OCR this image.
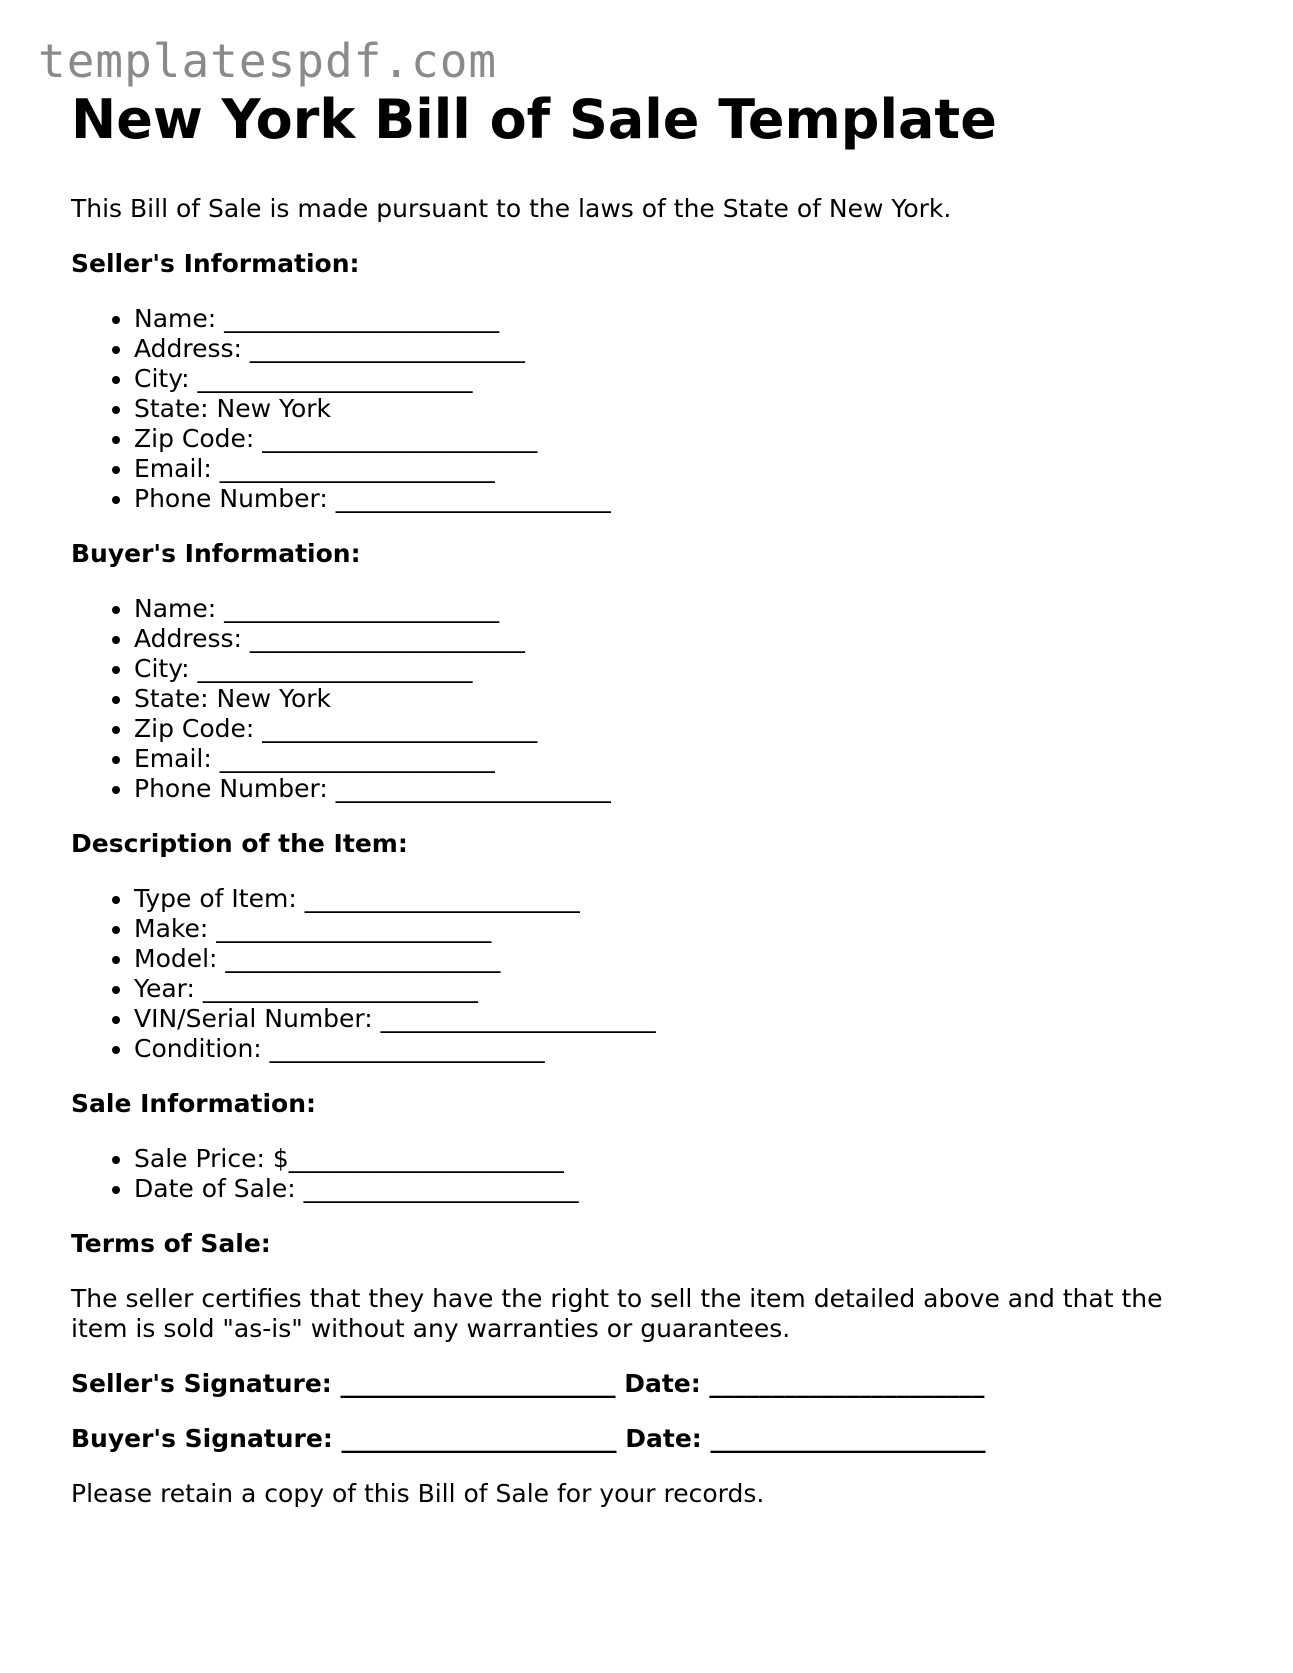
templatespdf.com
New York Bill of Sale Template

This Bill of Sale is made pursuant to the laws of the State of New York.

Seller's Information:
• Name: ______________________
• Address: ______________________
• City: ______________________
• State: New York
• Zip Code: ______________________
• Email: ______________________
• Phone Number: ______________________
Buyer's Information:
• Name: ______________________
• Address: ______________________
• City: ______________________
• State: New York
• Zip Code: ______________________
• Email: ______________________
• Phone Number: ______________________
Description of the Item:
• Type of Item: ______________________
• Make: ______________________
• Model: ______________________
• Year: ______________________
• VIN/Serial Number: ______________________
• Condition: ______________________
Sale Information:
• Sale Price: $______________________
• Date of Sale: ______________________
Terms of Sale:

The seller certifies that they have the right to sell the item detailed above and that the item is sold "as-is" without any warranties or guarantees.

Seller's Signature: ______________________ Date: ______________________
Buyer's Signature: ______________________ Date: ______________________

Please retain a copy of this Bill of Sale for your records.
